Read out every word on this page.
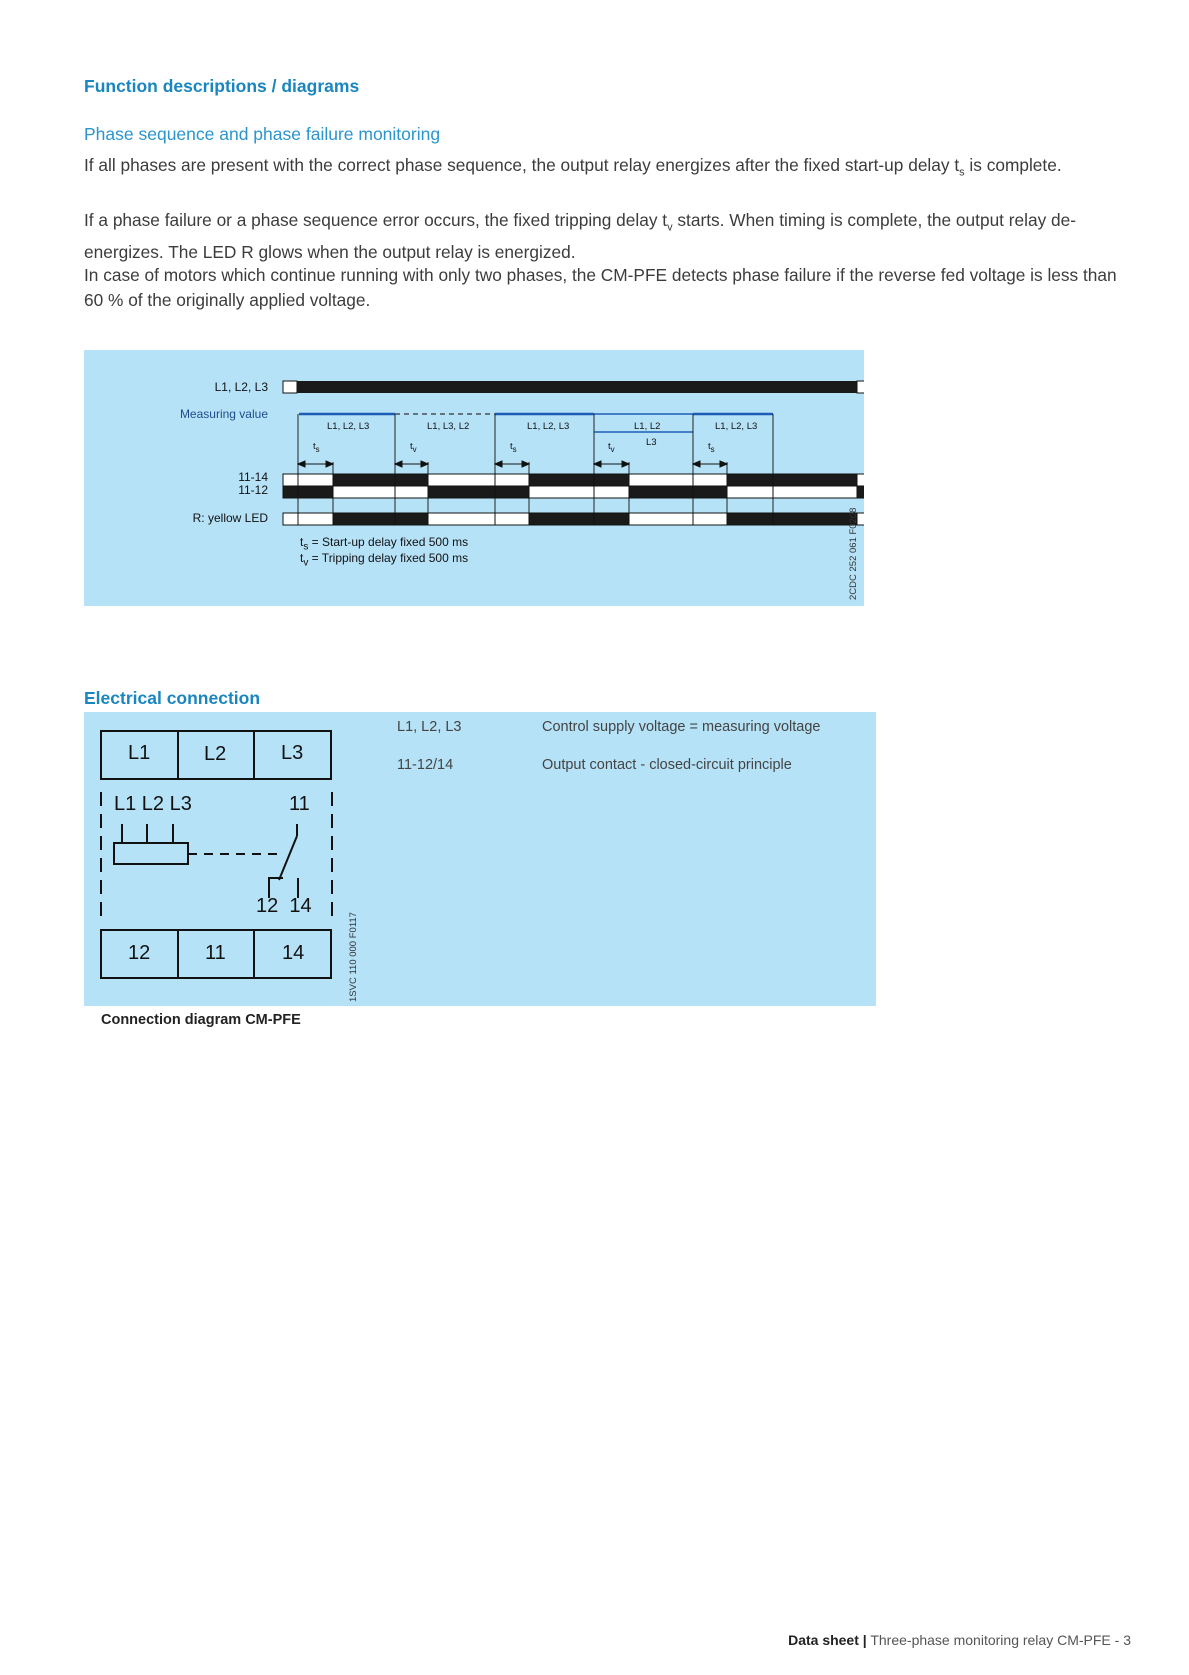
Function descriptions / diagrams
Phase sequence and phase failure monitoring
If all phases are present with the correct phase sequence, the output relay energizes after the fixed start-up delay $t_s$ is complete.
If a phase failure or a phase sequence error occurs, the fixed tripping delay $t_v$ starts. When timing is complete, the output relay de-energizes. The LED R glows when the output relay is energized.
In case of motors which continue running with only two phases, the CM-PFE detects phase failure if the reverse fed voltage is less than 60 % of the originally applied voltage.
L1, L2, L3
Measuring value
11-14
11-12
R: yellow LED
L1, L2, L3	L1, L3, L2	L1, L2, L3	L1, L2
L3
L1, L2, L3
$t_s$	$t_v$	$t_s$	$t_v$	$t_s$
$t_s$ = Start-up delay fixed 500 ms
$t_v$ = Tripping delay fixed 500 ms	2CDC 252 061 F0208
Electrical connection
L1	L2	L3
L1 L2 L3	11
12  14
12	11	14	1SVC 110 000 F0117
L1, L2, L3	Control supply voltage = measuring voltage
11-12/14	Output contact - closed-circuit principle
Connection diagram CM-PFE
Data sheet | Three-phase monitoring relay CM-PFE - 3
